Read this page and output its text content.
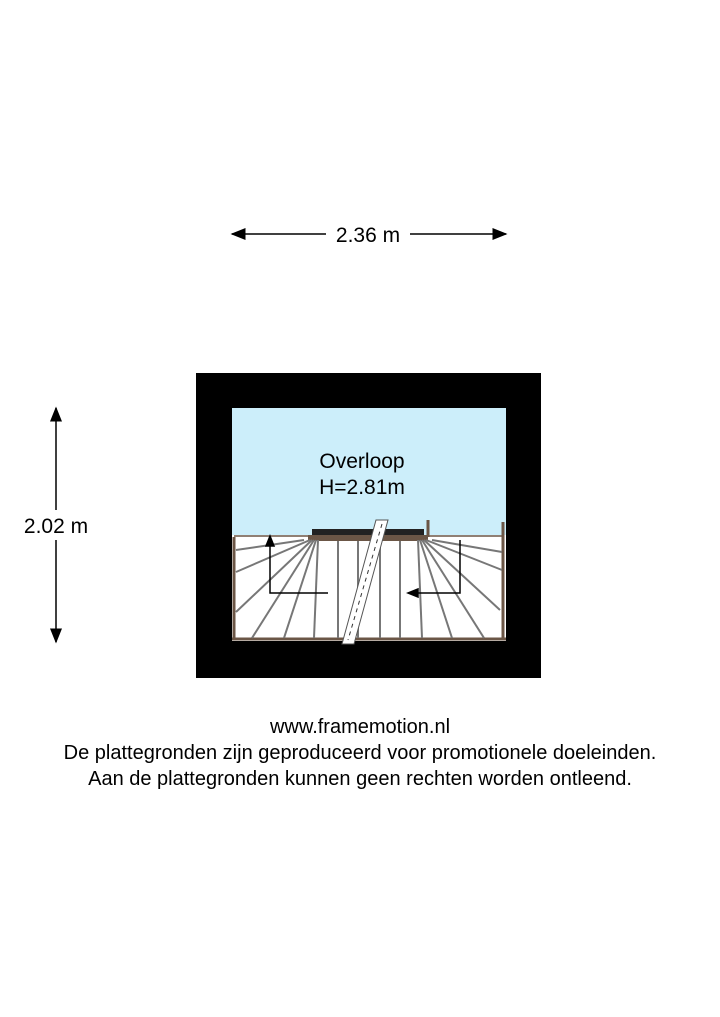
2.36 m
2.02 m
Overloop
H=2.81m
www.framemotion.nl
De plattegronden zijn geproduceerd voor promotionele doeleinden.
Aan de plattegronden kunnen geen rechten worden ontleend.
